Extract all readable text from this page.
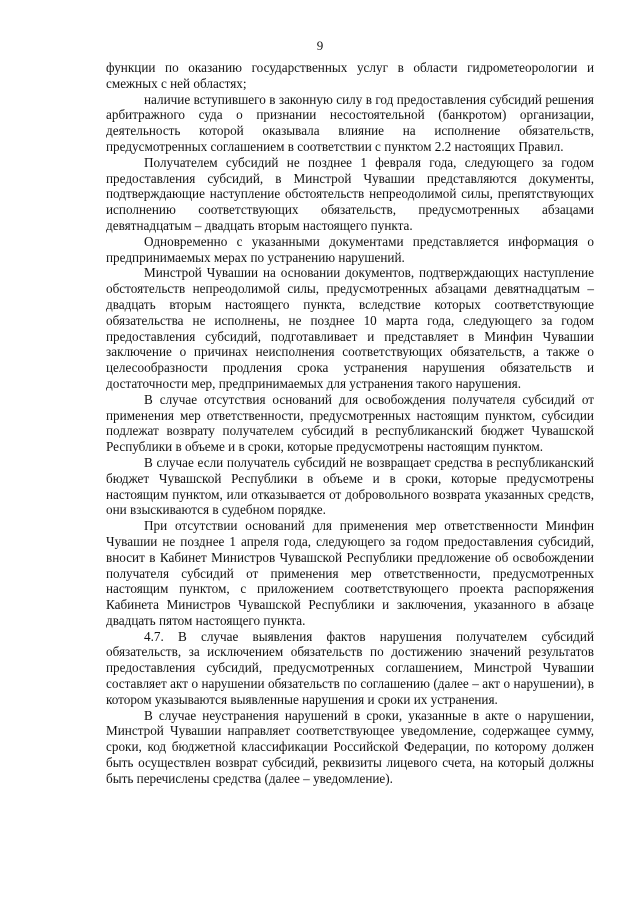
9

функции по оказанию государственных услуг в области гидрометеорологии и смежных с ней областях;

наличие вступившего в законную силу в год предоставления субсидий решения арбитражного суда о признании несостоятельной (банкротом) организации, деятельность которой оказывала влияние на исполнение обязательств, предусмотренных соглашением в соответствии с пунктом 2.2 настоящих Правил.

Получателем субсидий не позднее 1 февраля года, следующего за годом предоставления субсидий, в Минстрой Чувашии представляются документы, подтверждающие наступление обстоятельств непреодолимой силы, препятствующих исполнению соответствующих обязательств, предусмотренных абзацами девятнадцатым – двадцать вторым настоящего пункта.

Одновременно с указанными документами представляется информация о предпринимаемых мерах по устранению нарушений.

Минстрой Чувашии на основании документов, подтверждающих наступление обстоятельств непреодолимой силы, предусмотренных абзацами девятнадцатым – двадцать вторым настоящего пункта, вследствие которых соответствующие обязательства не исполнены, не позднее 10 марта года, следующего за годом предоставления субсидий, подготавливает и представляет в Минфин Чувашии заключение о причинах неисполнения соответствующих обязательств, а также о целесообразности продления срока устранения нарушения обязательств и достаточности мер, предпринимаемых для устранения такого нарушения.

В случае отсутствия оснований для освобождения получателя субсидий от применения мер ответственности, предусмотренных настоящим пунктом, субсидии подлежат возврату получателем субсидий в республиканский бюджет Чувашской Республики в объеме и в сроки, которые предусмотрены настоящим пунктом.

В случае если получатель субсидий не возвращает средства в республиканский бюджет Чувашской Республики в объеме и в сроки, которые предусмотрены настоящим пунктом, или отказывается от добровольного возврата указанных средств, они взыскиваются в судебном порядке.

При отсутствии оснований для применения мер ответственности Минфин Чувашии не позднее 1 апреля года, следующего за годом предоставления субсидий, вносит в Кабинет Министров Чувашской Республики предложение об освобождении получателя субсидий от применения мер ответственности, предусмотренных настоящим пунктом, с приложением соответствующего проекта распоряжения Кабинета Министров Чувашской Республики и заключения, указанного в абзаце двадцать пятом настоящего пункта.

4.7. В случае выявления фактов нарушения получателем субсидий обязательств, за исключением обязательств по достижению значений результатов предоставления субсидий, предусмотренных соглашением, Минстрой Чувашии составляет акт о нарушении обязательств по соглашению (далее – акт о нарушении), в котором указываются выявленные нарушения и сроки их устранения.

В случае неустранения нарушений в сроки, указанные в акте о нарушении, Минстрой Чувашии направляет соответствующее уведомление, содержащее сумму, сроки, код бюджетной классификации Российской Федерации, по которому должен быть осуществлен возврат субсидий, реквизиты лицевого счета, на который должны быть перечислены средства (далее – уведомление).
